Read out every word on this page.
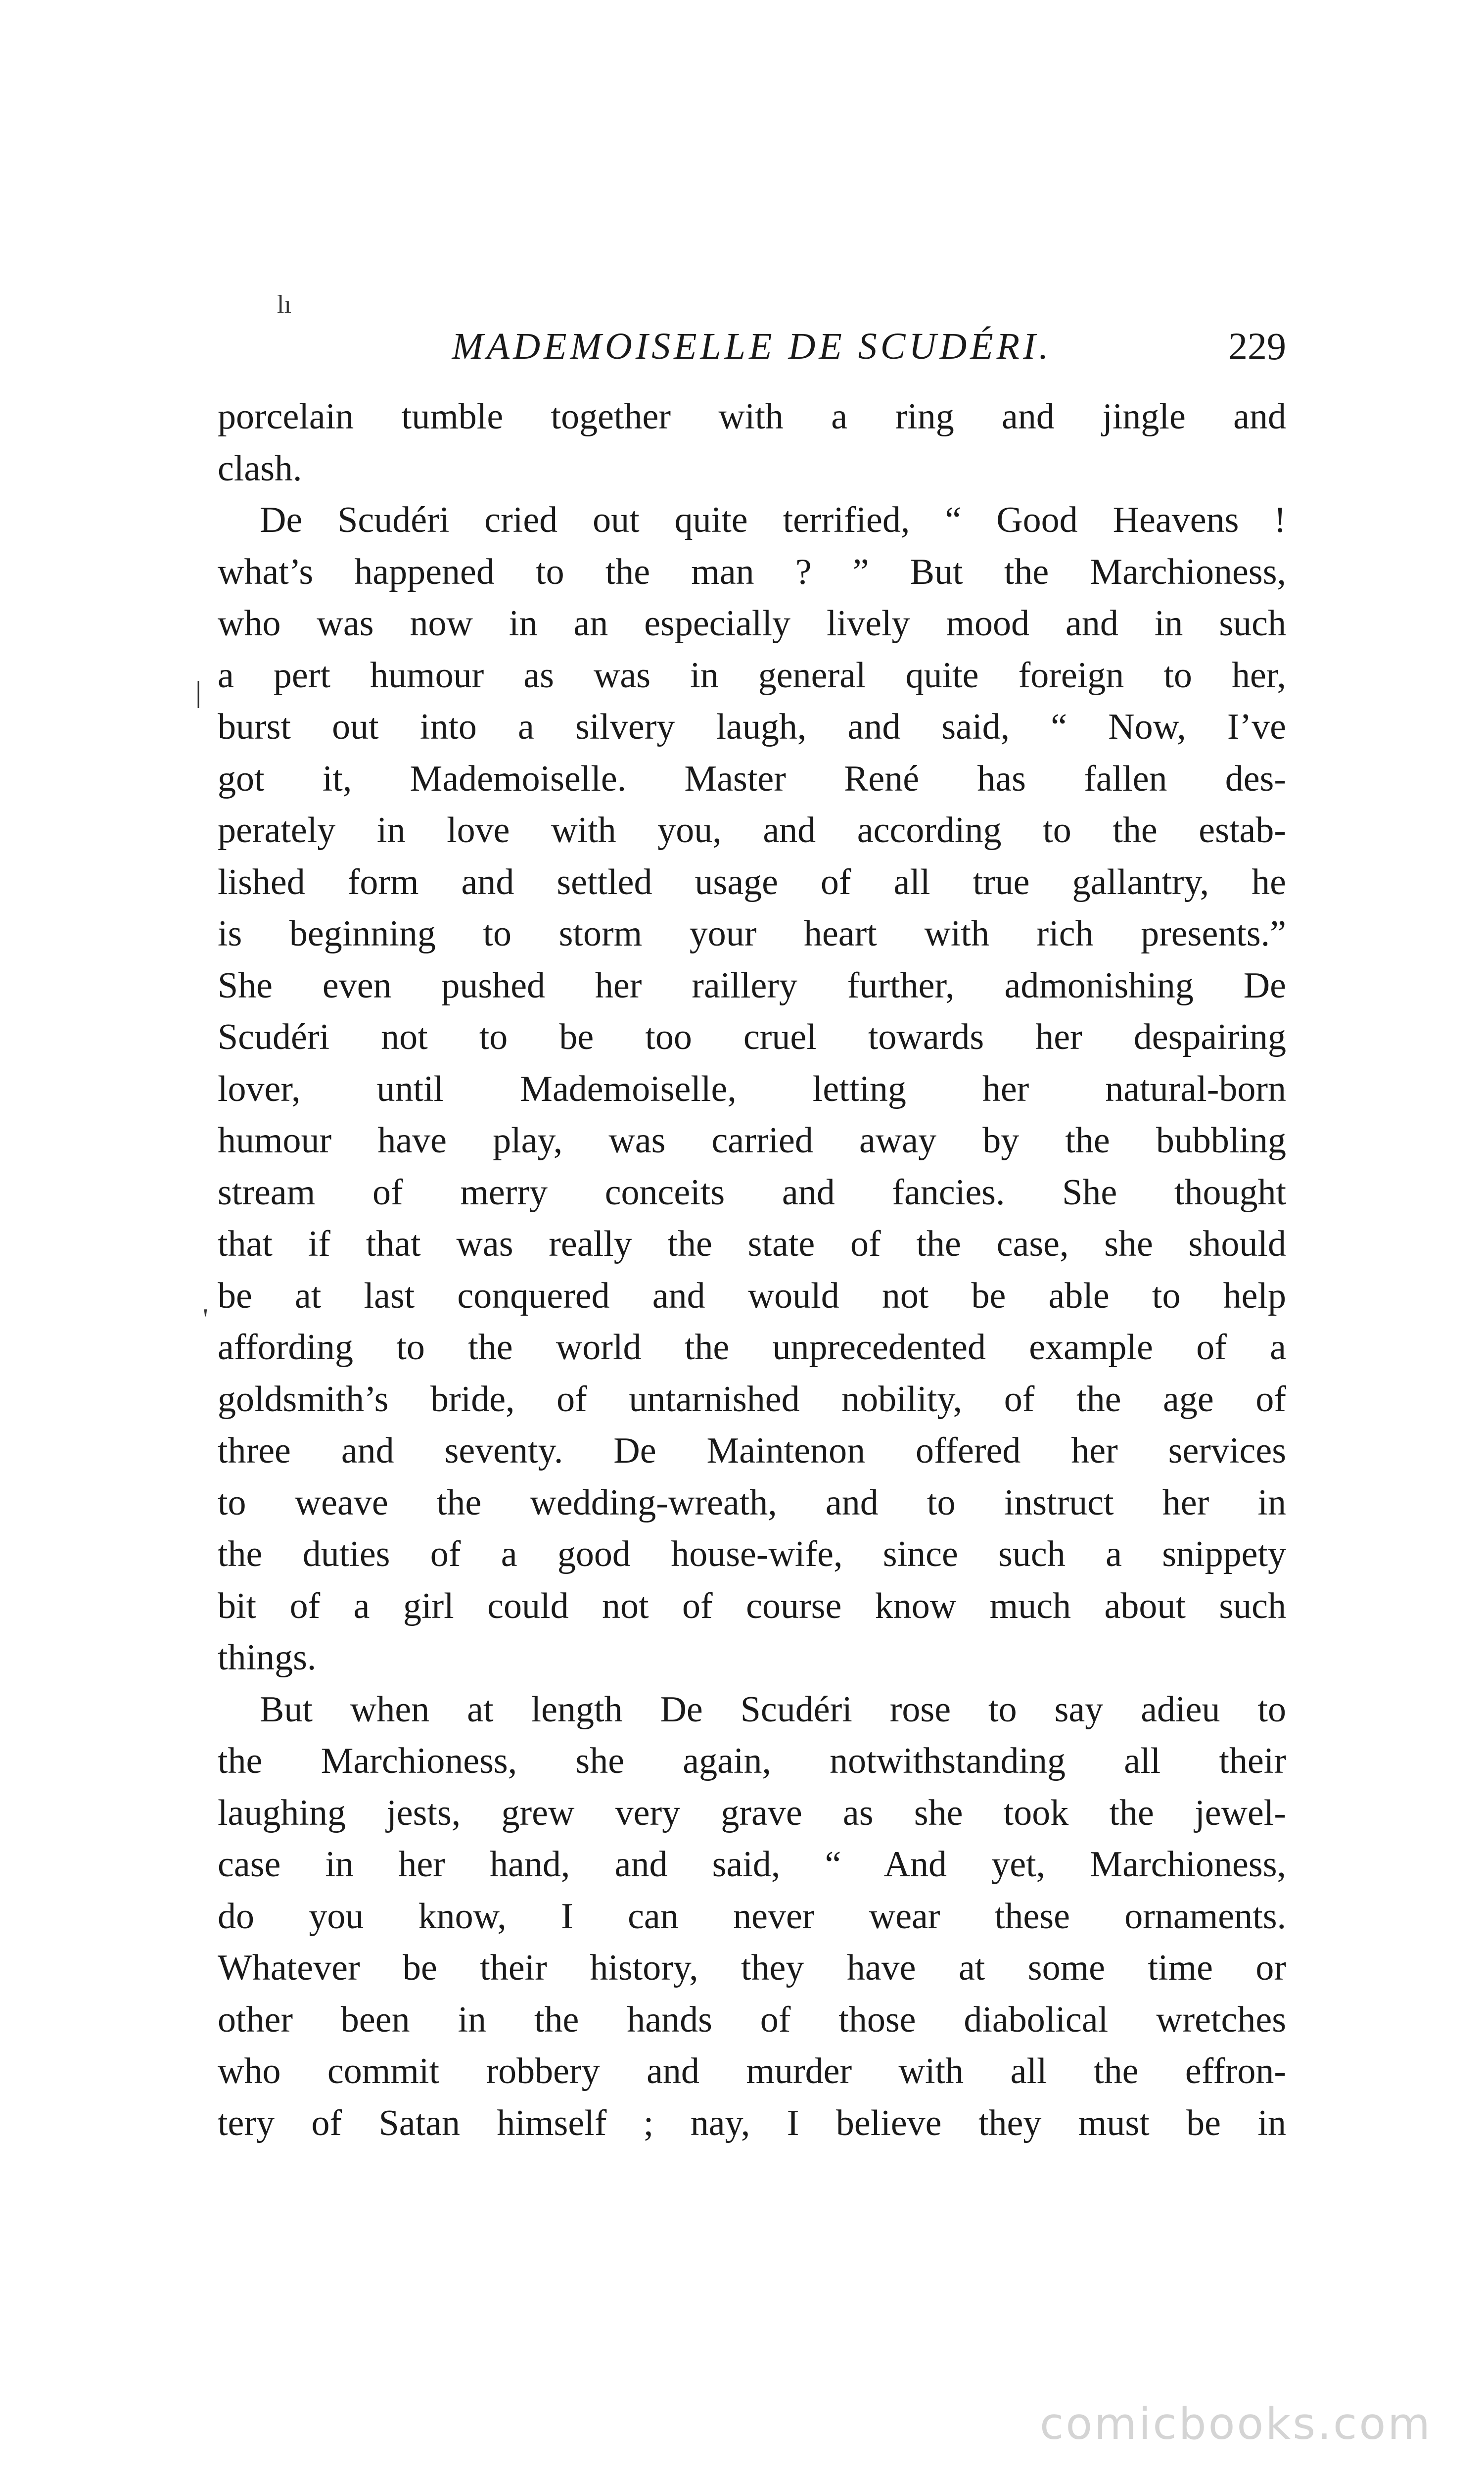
lı
MADEMOISELLE DE SCUDÉRI.	229
|
'
porcelain tumble together with a ring and jingle and
clash.
De Scudéri cried out quite terrified, “ Good Heavens !
what’s happened to the man ? ” But the Marchioness,
who was now in an especially lively mood and in such
a pert humour as was in general quite foreign to her,
burst out into a silvery laugh, and said, “ Now, I’ve
got it, Mademoiselle. Master René has fallen des-
perately in love with you, and according to the estab-
lished form and settled usage of all true gallantry, he
is beginning to storm your heart with rich presents.”
She even pushed her raillery further, admonishing De
Scudéri not to be too cruel towards her despairing
lover, until Mademoiselle, letting her natural-born
humour have play, was carried away by the bubbling
stream of merry conceits and fancies. She thought
that if that was really the state of the case, she should
be at last conquered and would not be able to help
affording to the world the unprecedented example of a
goldsmith’s bride, of untarnished nobility, of the age of
three and seventy. De Maintenon offered her services
to weave the wedding-wreath, and to instruct her in
the duties of a good house-wife, since such a snippety
bit of a girl could not of course know much about such
things.
But when at length De Scudéri rose to say adieu to
the Marchioness, she again, notwithstanding all their
laughing jests, grew very grave as she took the jewel-
case in her hand, and said, “ And yet, Marchioness,
do you know, I can never wear these ornaments.
Whatever be their history, they have at some time or
other been in the hands of those diabolical wretches
who commit robbery and murder with all the effron-
tery of Satan himself ; nay, I believe they must be in
comicbooks.com
